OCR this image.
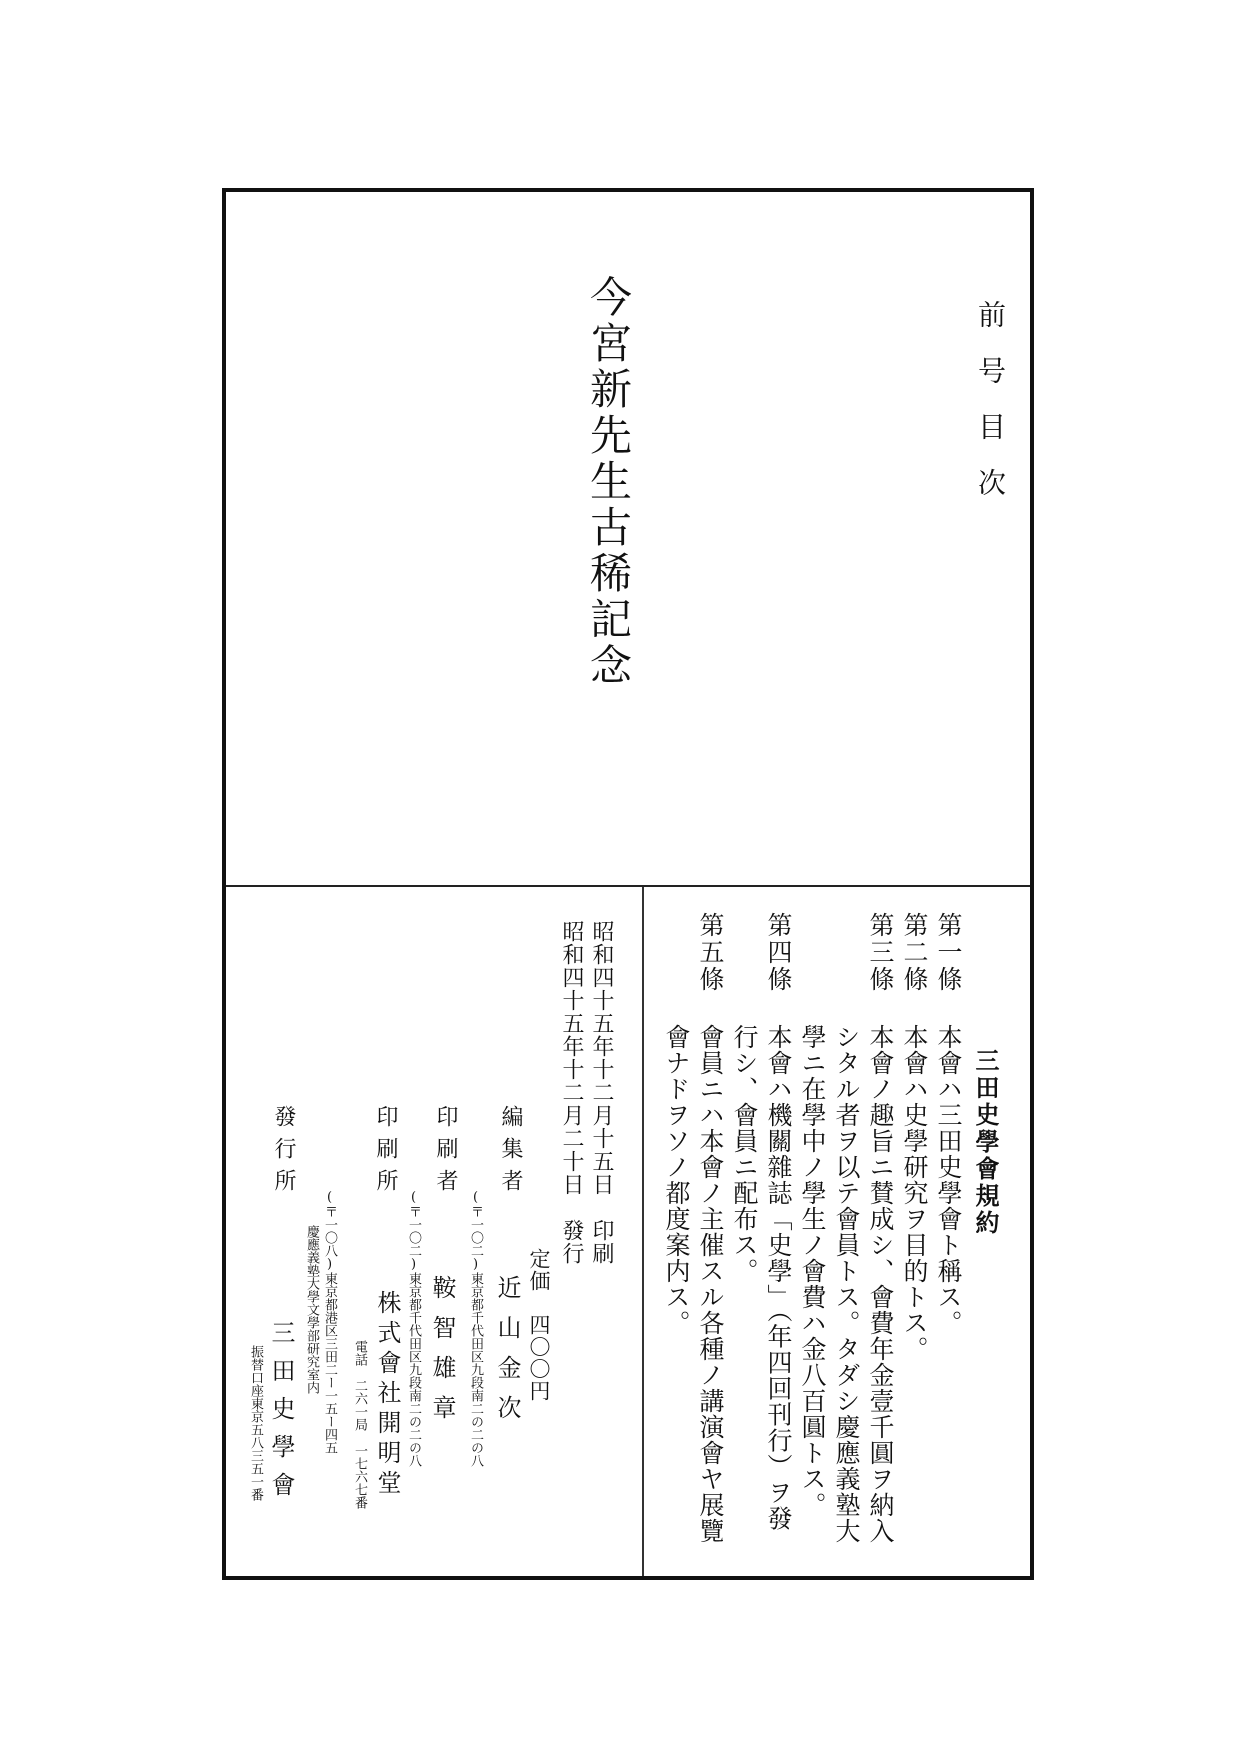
前号目次
今宮新先生古稀記念
三田史學會規約
第一條
本會ハ三田史學會ト稱ス。
第二條
本會ハ史學研究ヲ目的トス。
第三條
本會ノ趣旨ニ賛成シ、會費年金壹千圓ヲ納入
シタル者ヲ以テ會員トス。タダシ慶應義塾大
學ニ在學中ノ學生ノ會費ハ金八百圓トス。
第四條
本會ハ機關雜誌「史學」（年四回刊行）ヲ發
行シ、會員ニ配布ス。
第五條
會員ニハ本會ノ主催スル各種ノ講演會ヤ展覽
會ナドヲソノ都度案内ス。
昭和四十五年十二月十五日　印刷
昭和四十五年十二月二十日　發行
定価　四〇〇円
編集者
(〒一〇二)東京都千代田区九段南二の二の八 近山金次
印刷者
鞍智雄章
印刷所
(〒一〇二)東京都千代田区九段南二の二の八
株式會社開明堂
電話　二六一局　一七六七番
發行所
(〒一〇八)東京都港区三田二ー一五ー四五
慶應義塾大學文學部研究室内
三田史學會
振替口座東京五八三五一番
